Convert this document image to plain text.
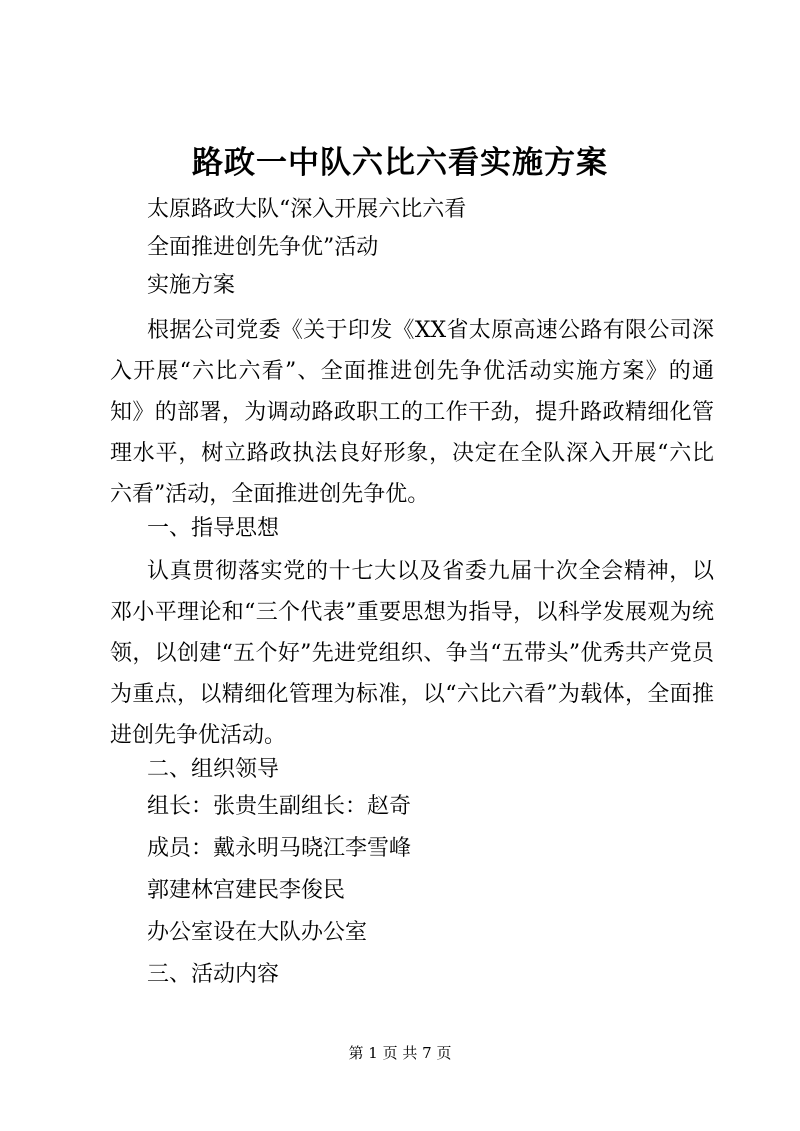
路政一中队六比六看实施方案
太原路政大队“深入开展六比六看
全面推进创先争优”活动
实施方案
根据公司党委《关于印发《XX省太原高速公路有限公司深入开展“六比六看”、全面推进创先争优活动实施方案》的通知》的部署，为调动路政职工的工作干劲，提升路政精细化管理水平，树立路政执法良好形象，决定在全队深入开展“六比六看”活动，全面推进创先争优。
一、指导思想
认真贯彻落实党的十七大以及省委九届十次全会精神，以邓小平理论和“三个代表”重要思想为指导，以科学发展观为统领，以创建“五个好”先进党组织、争当“五带头”优秀共产党员为重点，以精细化管理为标准，以“六比六看”为载体，全面推进创先争优活动。
二、组织领导
组长：张贵生副组长：赵奇
成员：戴永明马晓江李雪峰
郭建林宫建民李俊民
办公室设在大队办公室
三、活动内容
第 1 页 共 7 页
